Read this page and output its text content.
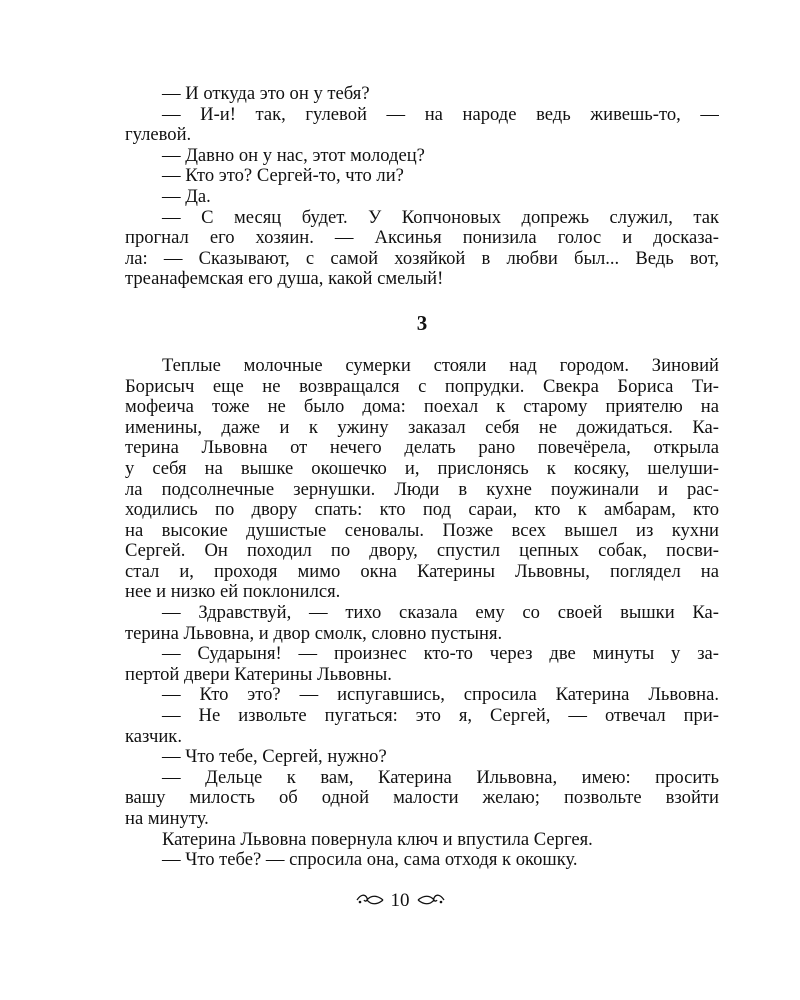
— И откуда это он у тебя?
— И-и! так, гулевой — на народе ведь живешь-то, —
гулевой.
— Давно он у нас, этот молодец?
— Кто это? Сергей-то, что ли?
— Да.
— С месяц будет. У Копчоновых допрежь служил, так
прогнал его хозяин. — Аксинья понизила голос и доcказа-
ла: — Сказывают, с самой хозяйкой в любви был... Ведь вот,
треанафемская его душа, какой смелый!
3
Теплые молочные сумерки стояли над городом. Зиновий
Борисыч еще не возвращался с попрудки. Свекра Бориса Ти-
мофеича тоже не было дома: поехал к старому приятелю на
именины, даже и к ужину заказал себя не дожидаться. Ка-
терина Львовна от нечего делать рано повечёрела, открыла
у себя на вышке окошечко и, прислонясь к косяку, шелуши-
ла подсолнечные зернушки. Люди в кухне поужинали и рас-
ходились по двору спать: кто под сараи, кто к амбарам, кто
на высокие душистые сеновалы. Позже всех вышел из кухни
Сергей. Он походил по двору, спустил цепных собак, посви-
стал и, проходя мимо окна Катерины Львовны, поглядел на
нее и низко ей поклонился.
— Здравствуй, — тихо сказала ему со своей вышки Ка-
терина Львовна, и двор смолк, словно пустыня.
— Сударыня! — произнес кто-то через две минуты у за-
пертой двери Катерины Львовны.
— Кто это? — испугавшись, спросила Катерина Львовна.
— Не извольте пугаться: это я, Сергей, — отвечал при-
казчик.
— Что тебе, Сергей, нужно?
— Дельце к вам, Катерина Ильвовна, имею: просить
вашу милость об одной малости желаю; позвольте взойти
на минуту.
Катерина Львовна повернула ключ и впустила Сергея.
— Что тебе? — спросила она, сама отходя к окошку.
10
